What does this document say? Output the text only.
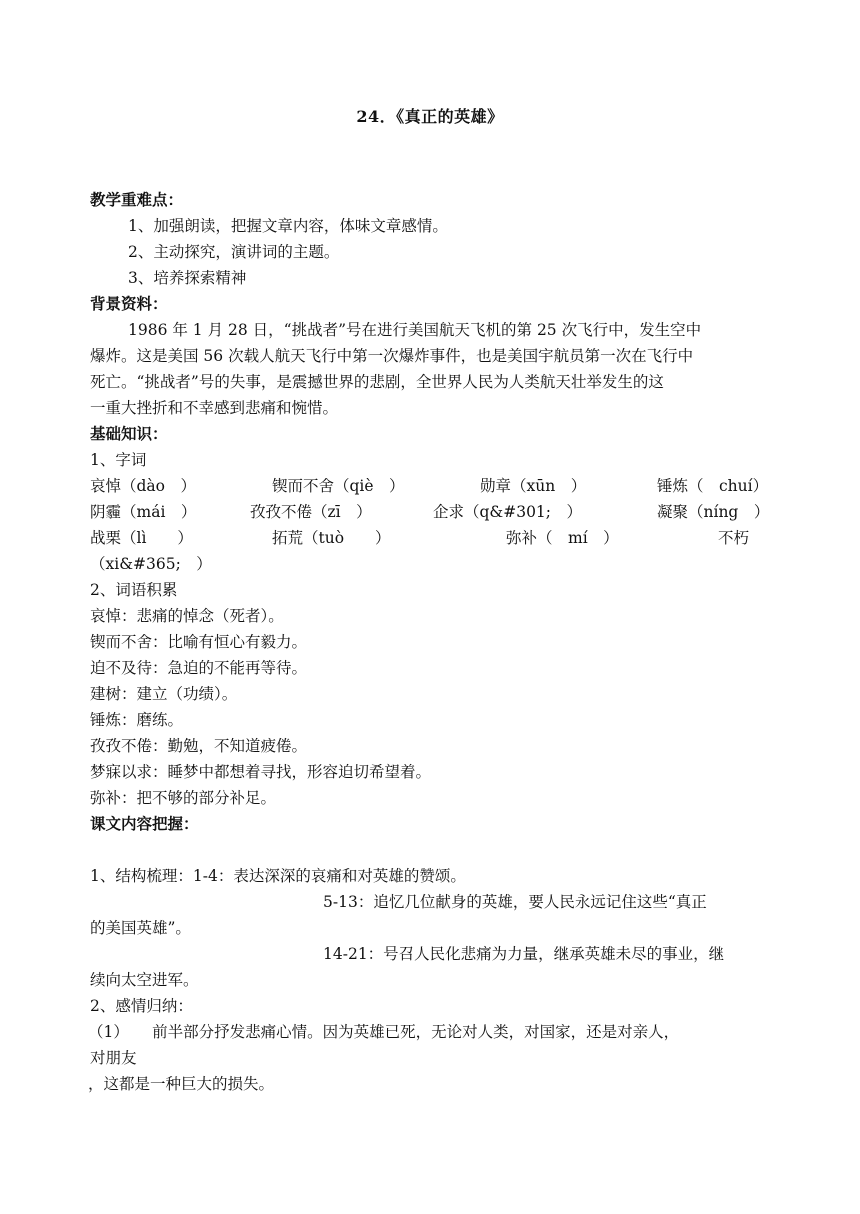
24．《真正的英雄》
教学重难点：
1、加强朗读，把握文章内容，体味文章感情。
2、主动探究，演讲词的主题。
3、培养探索精神
背景资料：
1986 年 1 月 28 日，“挑战者”号在进行美国航天飞机的第 25 次飞行中，发生空中
爆炸。这是美国 56 次载人航天飞行中第一次爆炸事件，也是美国宇航员第一次在飞行中
死亡。“挑战者”号的失事，是震撼世界的悲剧，全世界人民为人类航天壮举发生的这
一重大挫折和不幸感到悲痛和惋惜。
基础知识：
1、字词
哀悼（dào　）	锲而不舍（qiè　）	勋章（xūn　）	锤炼（　chuí）
阴霾（mái　）	孜孜不倦（zī　）	企求（q&#301;　）	凝聚（níng　）
战栗（lì　　）	拓荒（tuò　　）	弥补（　mí　）	不朽
（xi&#365;　）
2、词语积累
哀悼：悲痛的悼念（死者）。
锲而不舍：比喻有恒心有毅力。
迫不及待：急迫的不能再等待。
建树：建立（功绩）。
锤炼：磨练。
孜孜不倦：勤勉，不知道疲倦。
梦寐以求：睡梦中都想着寻找，形容迫切希望着。
弥补：把不够的部分补足。
课文内容把握：
1、结构梳理：1-4：表达深深的哀痛和对英雄的赞颂。
5-13：追忆几位献身的英雄，要人民永远记住这些“真正
的美国英雄”。
14-21：号召人民化悲痛为力量，继承英雄未尽的事业，继
续向太空进军。
2、感情归纳：
（1）　　前半部分抒发悲痛心情。因为英雄已死，无论对人类，对国家，还是对亲人，
对朋友
，这都是一种巨大的损失。
